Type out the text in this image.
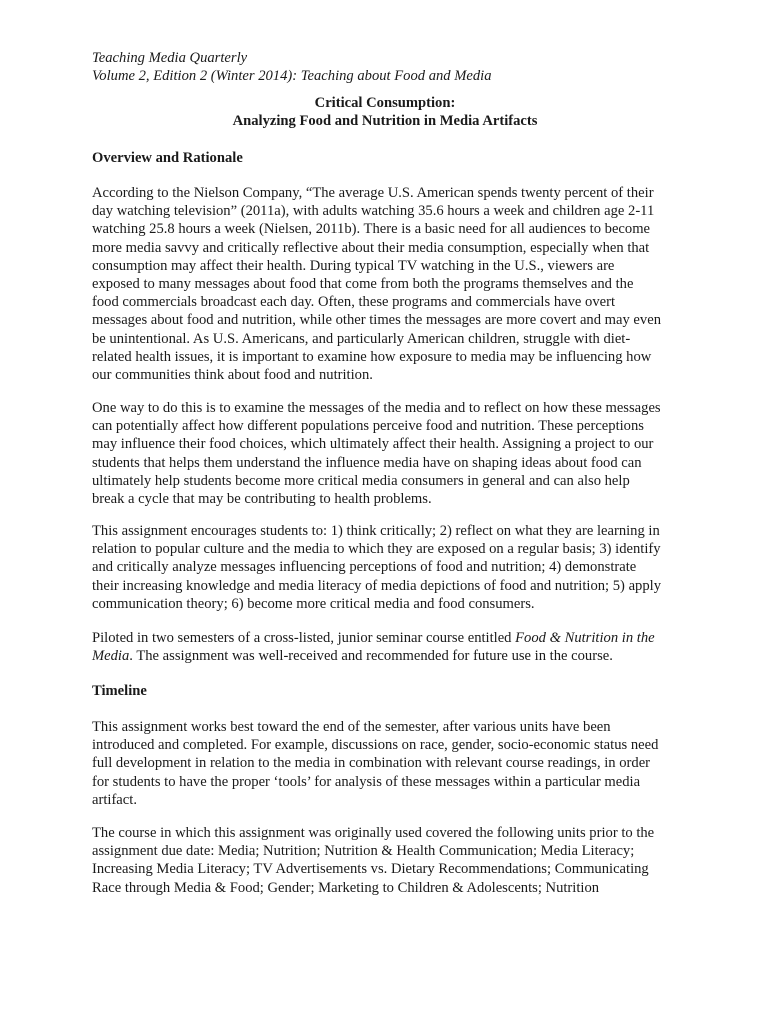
Teaching Media Quarterly
Volume 2, Edition 2 (Winter 2014): Teaching about Food and Media
Critical Consumption:
Analyzing Food and Nutrition in Media Artifacts
Overview and Rationale
According to the Nielson Company, “The average U.S. American spends twenty percent of their
day watching television” (2011a), with adults watching 35.6 hours a week and children age 2-11
watching 25.8 hours a week (Nielsen, 2011b). There is a basic need for all audiences to become
more media savvy and critically reflective about their media consumption, especially when that
consumption may affect their health. During typical TV watching in the U.S., viewers are
exposed to many messages about food that come from both the programs themselves and the
food commercials broadcast each day. Often, these programs and commercials have overt
messages about food and nutrition, while other times the messages are more covert and may even
be unintentional. As U.S. Americans, and particularly American children, struggle with diet-
related health issues, it is important to examine how exposure to media may be influencing how
our communities think about food and nutrition.
One way to do this is to examine the messages of the media and to reflect on how these messages
can potentially affect how different populations perceive food and nutrition. These perceptions
may influence their food choices, which ultimately affect their health. Assigning a project to our
students that helps them understand the influence media have on shaping ideas about food can
ultimately help students become more critical media consumers in general and can also help
break a cycle that may be contributing to health problems.
This assignment encourages students to: 1) think critically; 2) reflect on what they are learning in
relation to popular culture and the media to which they are exposed on a regular basis; 3) identify
and critically analyze messages influencing perceptions of food and nutrition; 4) demonstrate
their increasing knowledge and media literacy of media depictions of food and nutrition; 5) apply
communication theory; 6) become more critical media and food consumers.
Piloted in two semesters of a cross-listed, junior seminar course entitled Food & Nutrition in the
Media. The assignment was well-received and recommended for future use in the course.
Timeline
This assignment works best toward the end of the semester, after various units have been
introduced and completed. For example, discussions on race, gender, socio-economic status need
full development in relation to the media in combination with relevant course readings, in order
for students to have the proper ‘tools’ for analysis of these messages within a particular media
artifact.
The course in which this assignment was originally used covered the following units prior to the
assignment due date: Media; Nutrition; Nutrition & Health Communication; Media Literacy;
Increasing Media Literacy; TV Advertisements vs. Dietary Recommendations; Communicating
Race through Media & Food; Gender; Marketing to Children & Adolescents; Nutrition
